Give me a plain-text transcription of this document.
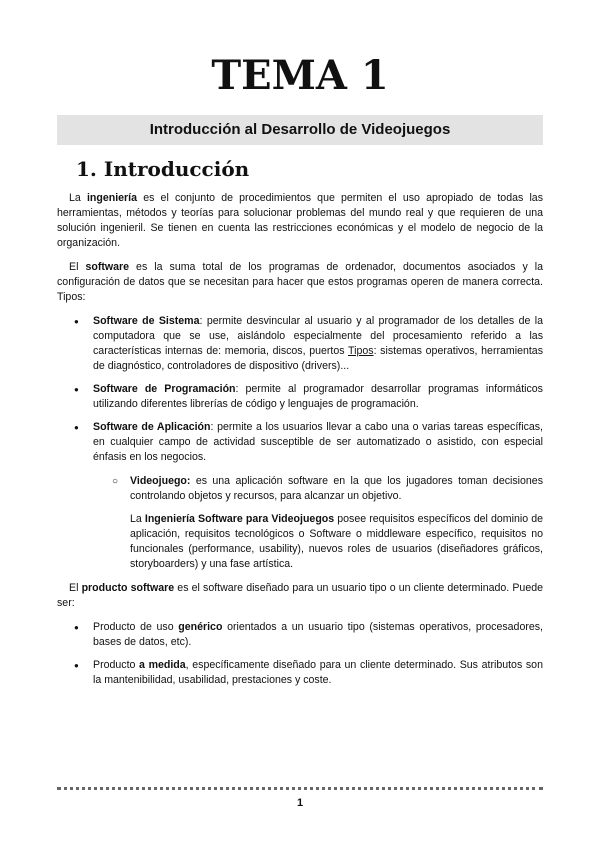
TEMA 1
Introducción al Desarrollo de Videojuegos
1. Introducción

La ingeniería es el conjunto de procedimientos que permiten el uso apropiado de todas las herramientas, métodos y teorías para solucionar problemas del mundo real y que requieren de una solución ingenieril. Se tienen en cuenta las restricciones económicas y el modelo de negocio de la organización.

El software es la suma total de los programas de ordenador, documentos asociados y la configuración de datos que se necesitan para hacer que estos programas operen de manera correcta. Tipos:

● Software de Sistema: permite desvincular al usuario y al programador de los detalles de la computadora que se use, aislándolo especialmente del procesamiento referido a las características internas de: memoria, discos, puertos Tipos: sistemas operativos, herramientas de diagnóstico, controladores de dispositivo (drivers)...
● Software de Programación: permite al programador desarrollar programas informáticos utilizando diferentes librerías de código y lenguajes de programación.
● Software de Aplicación: permite a los usuarios llevar a cabo una o varias tareas específicas, en cualquier campo de actividad susceptible de ser automatizado o asistido, con especial énfasis en los negocios.
○ Videojuego: es una aplicación software en la que los jugadores toman decisiones controlando objetos y recursos, para alcanzar un objetivo.
La Ingeniería Software para Videojuegos posee requisitos específicos del dominio de aplicación, requisitos tecnológicos o Software o middleware específico, requisitos no funcionales (performance, usability), nuevos roles de usuarios (diseñadores gráficos, storyboarders) y una fase artística.

El producto software es el software diseñado para un usuario tipo o un cliente determinado. Puede ser:

● Producto de uso genérico orientados a un usuario tipo (sistemas operativos, procesadores, bases de datos, etc).
● Producto a medida, específicamente diseñado para un cliente determinado. Sus atributos son la mantenibilidad, usabilidad, prestaciones y coste.
1
